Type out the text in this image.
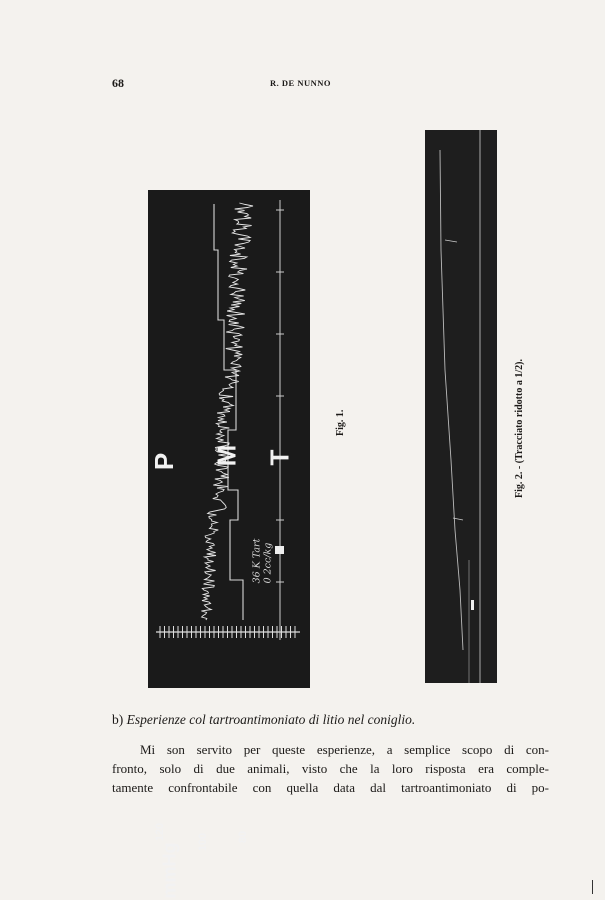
68	R. DE NUNNO
P M T
mmHg
120
100	80
36 K Tart
0 2cc/kg
Fig. 1.	Fig. 2. - (Tracciato ridotto a 1/2).
b) Esperienze col tartroantimoniato di litio nel coniglio.
Mi son servito per queste esperienze, a semplice scopo di con-
fronto, solo di due animali, visto che la loro risposta era comple-
tamente confrontabile con quella data dal tartroantimoniato di po-
